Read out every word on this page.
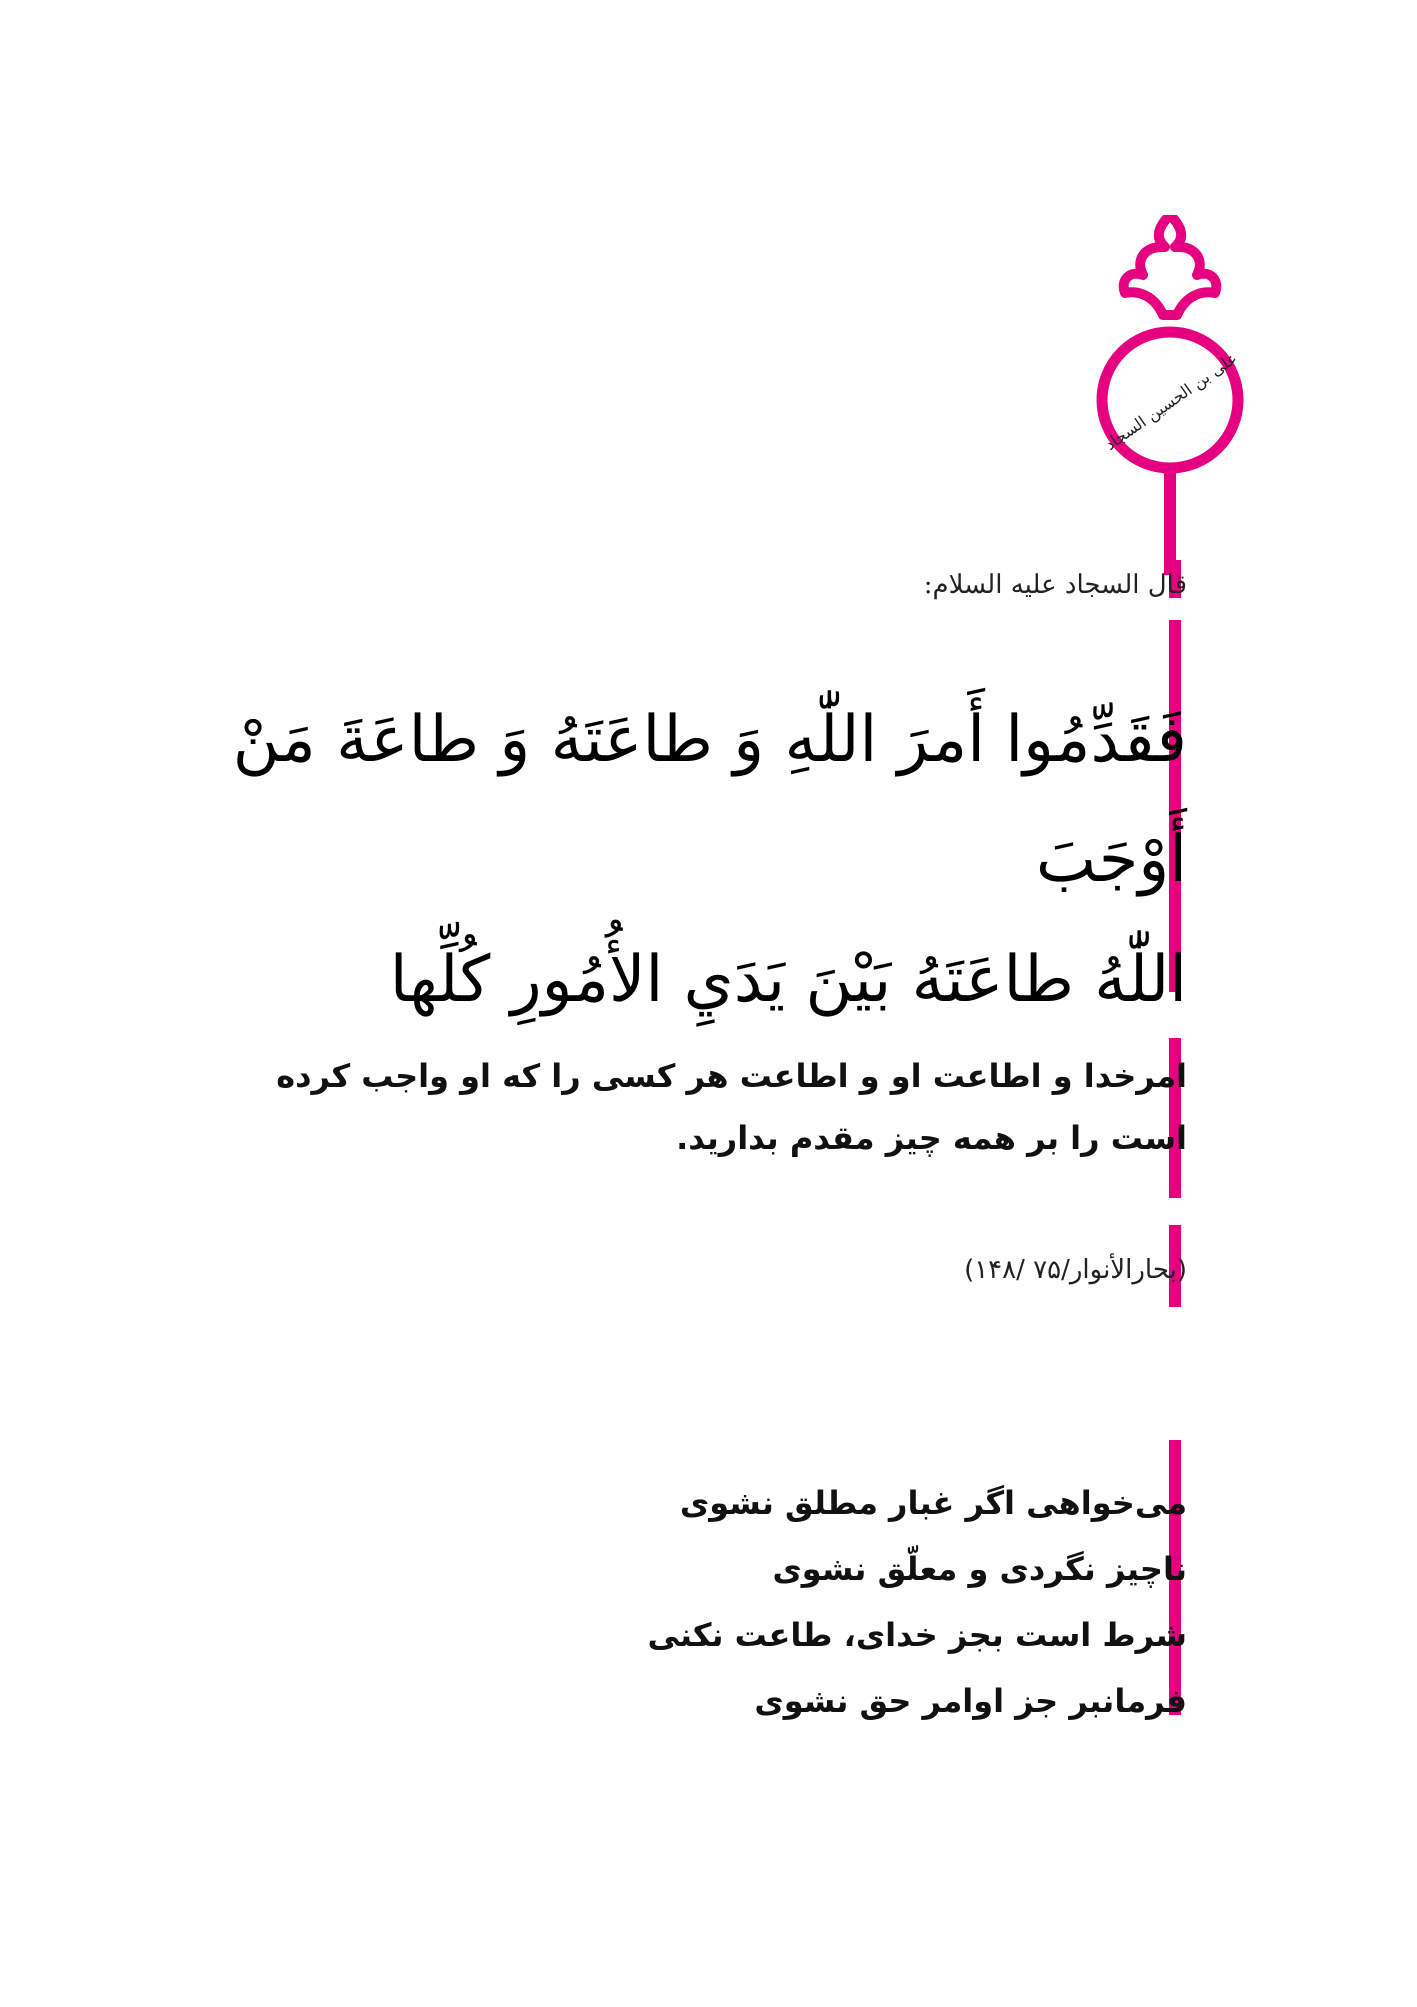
علی بن الحسین السجاد
قال السجاد علیه السلام:
فَقَدِّمُوا أَمرَ اللّٰهِ وَ طاعَتَهُ وَ طاعَةَ مَنْ أَوْجَبَ
اللّٰهُ طاعَتَهُ بَيْنَ يَدَيِ الأُمُورِ كُلِّها
امرخدا و اطاعت او و اطاعت هر کسی را که او واجب کرده
است را بر همه چیز مقدم بدارید.
(بحارالأنوار/۷۵ /۱۴۸)
می‌خواهی اگر غبار مطلق نشوی
ناچیز نگردی و معلّق نشوی
شرط است بجز خدای، طاعت نکنی
فرمانبر جز اوامر حق نشوی
